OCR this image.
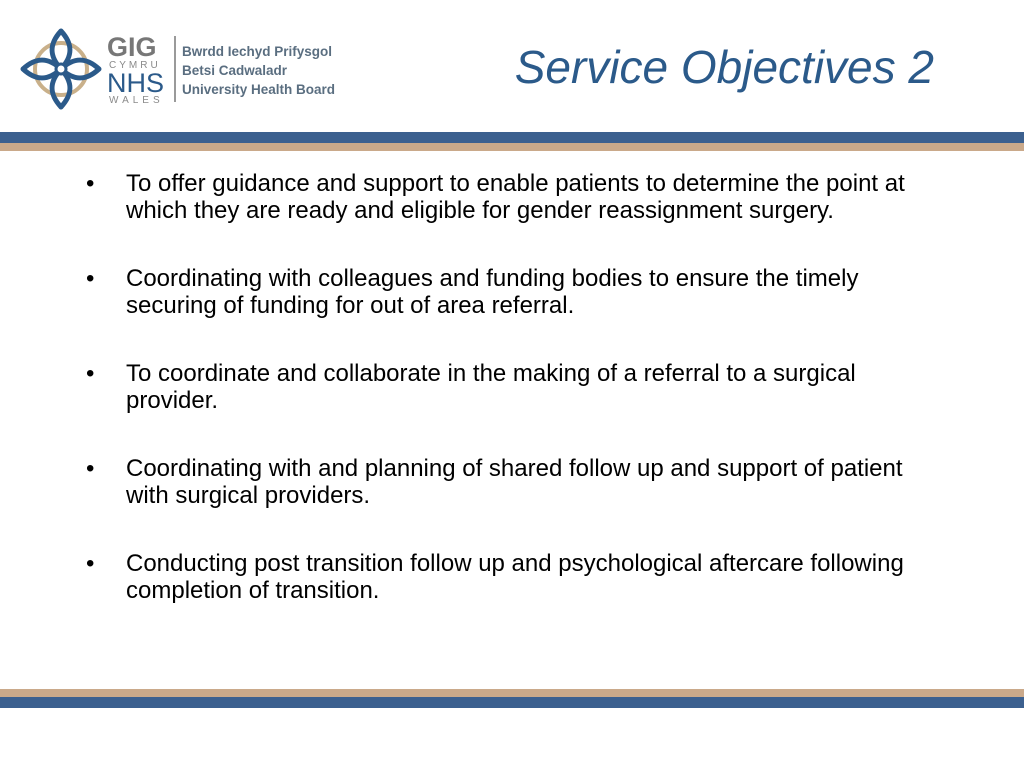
GIG
CYMRU
NHS
WALES
Bwrdd Iechyd Prifysgol
Betsi Cadwaladr
University Health Board	Service Objectives 2
• To offer guidance and support to enable patients to determine the point at which they are ready and eligible for gender reassignment surgery.
• Coordinating with colleagues and funding bodies to ensure the timely securing of funding for out of area referral.
• To coordinate and collaborate in the making of a referral to a surgical provider.
• Coordinating with and planning of shared follow up and support of patient with surgical providers.
• Conducting post transition follow up and psychological aftercare following completion of transition.
